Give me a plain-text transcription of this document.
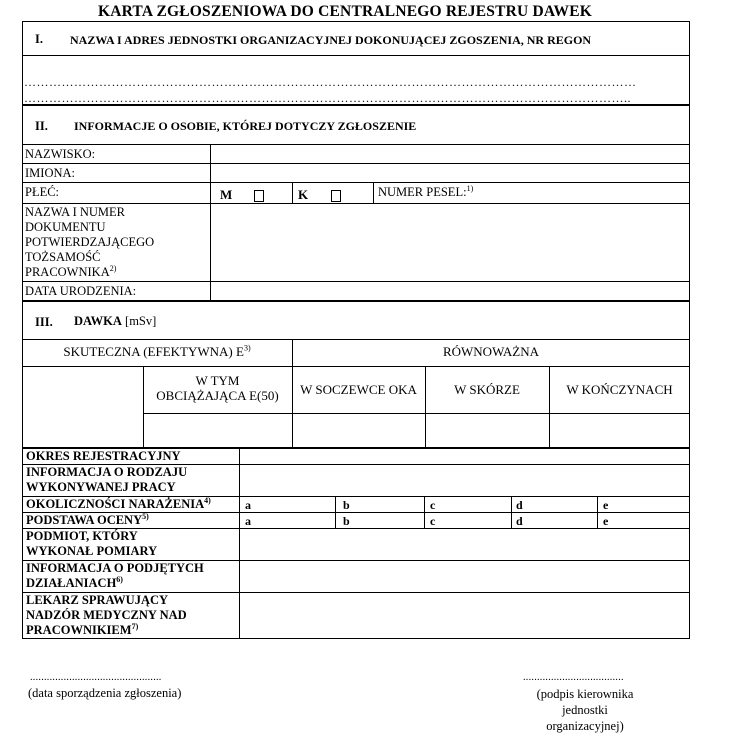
KARTA ZGŁOSZENIOWA DO CENTRALNEGO REJESTRU DAWEK
I. NAZWA I ADRES JEDNOSTKI ORGANIZACYJNEJ DOKONUJĄCEJ ZGOSZENIA, NR REGON
…………………………………………………………………………………………………………………………………
………………………………………………………………………………………………………………………………..
II. INFORMACJE O OSOBIE, KTÓREJ DOTYCZY ZGŁOSZENIE
NAZWISKO:
IMIONA:
PŁEĆ:	M	K	NUMER PESEL:$^{1)}$
NAZWA I NUMER
DOKUMENTU
POTWIERDZAJĄCEGO
TOŻSAMOŚĆ
PRACOWNIKA$^{2)}$
DATA URODZENIA:
III. DAWKA [mSv]
SKUTECZNA (EFEKTYWNA) $E^{3)}$	RÓWNOWAŻNA
W TYM
OBCIĄŻAJĄCA E(50)	W SOCZEWCE OKA	W SKÓRZE	W KOŃCZYNACH
OKRES REJESTRACYJNY
INFORMACJA O RODZAJU
WYKONYWANEJ PRACY
OKOLICZNOŚCI NARAŻENIA$^{4)}$	a	b	c	d	e
PODSTAWA OCENY$^{5)}$	a	b	c	d	e
PODMIOT, KTÓRY
WYKONAŁ POMIARY
INFORMACJA O PODJĘTYCH
DZIAŁANIACH$^{6)}$
LEKARZ SPRAWUJĄCY
NADZÓR MEDYCZNY NAD
PRACOWNIKIEM$^{7)}$
...............................................
(data sporządzenia zgłoszenia)
....................................
(podpis kierownika
jednostki
organizacyjnej)
